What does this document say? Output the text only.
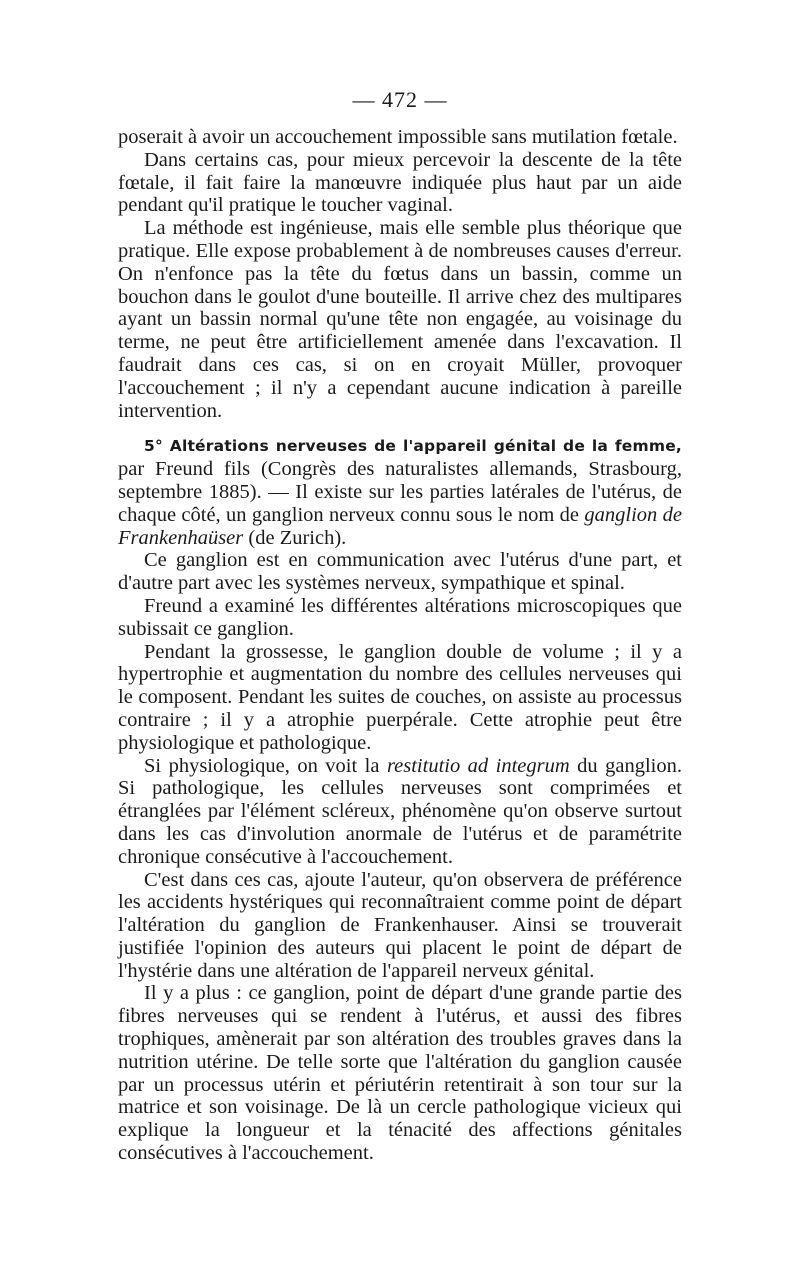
— 472 —

poserait à avoir un accouchement impossible sans mutilation fœtale.

Dans certains cas, pour mieux percevoir la descente de la tête fœtale, il fait faire la manœuvre indiquée plus haut par un aide pendant qu'il pratique le toucher vaginal.

La méthode est ingénieuse, mais elle semble plus théorique que pratique. Elle expose probablement à de nombreuses causes d'erreur. On n'enfonce pas la tête du fœtus dans un bassin, comme un bouchon dans le goulot d'une bouteille. Il arrive chez des multipares ayant un bassin normal qu'une tête non engagée, au voisinage du terme, ne peut être artificiellement amenée dans l'excavation. Il faudrait dans ces cas, si on en croyait Müller, provoquer l'accouchement ; il n'y a cependant aucune indication à pareille intervention.

5° Altérations nerveuses de l'appareil génital de la femme, par Freund fils (Congrès des naturalistes allemands, Strasbourg, septembre 1885). — Il existe sur les parties latérales de l'utérus, de chaque côté, un ganglion nerveux connu sous le nom de ganglion de Frankenhaüser (de Zurich).

Ce ganglion est en communication avec l'utérus d'une part, et d'autre part avec les systèmes nerveux, sympathique et spinal.

Freund a examiné les différentes altérations microscopiques que subissait ce ganglion.

Pendant la grossesse, le ganglion double de volume ; il y a hypertrophie et augmentation du nombre des cellules nerveuses qui le composent. Pendant les suites de couches, on assiste au processus contraire ; il y a atrophie puerpérale. Cette atrophie peut être physiologique et pathologique.

Si physiologique, on voit la restitutio ad integrum du ganglion. Si pathologique, les cellules nerveuses sont comprimées et étranglées par l'élément scléreux, phénomène qu'on observe surtout dans les cas d'involution anormale de l'utérus et de paramétrite chronique consécutive à l'accouchement.

C'est dans ces cas, ajoute l'auteur, qu'on observera de préférence les accidents hystériques qui reconnaîtraient comme point de départ l'altération du ganglion de Frankenhauser. Ainsi se trouverait justifiée l'opinion des auteurs qui placent le point de départ de l'hystérie dans une altération de l'appareil nerveux génital.

Il y a plus : ce ganglion, point de départ d'une grande partie des fibres nerveuses qui se rendent à l'utérus, et aussi des fibres trophiques, amènerait par son altération des troubles graves dans la nutrition utérine. De telle sorte que l'altération du ganglion causée par un processus utérin et périutérin retentirait à son tour sur la matrice et son voisinage. De là un cercle pathologique vicieux qui explique la longueur et la ténacité des affections génitales consécutives à l'accouchement.
